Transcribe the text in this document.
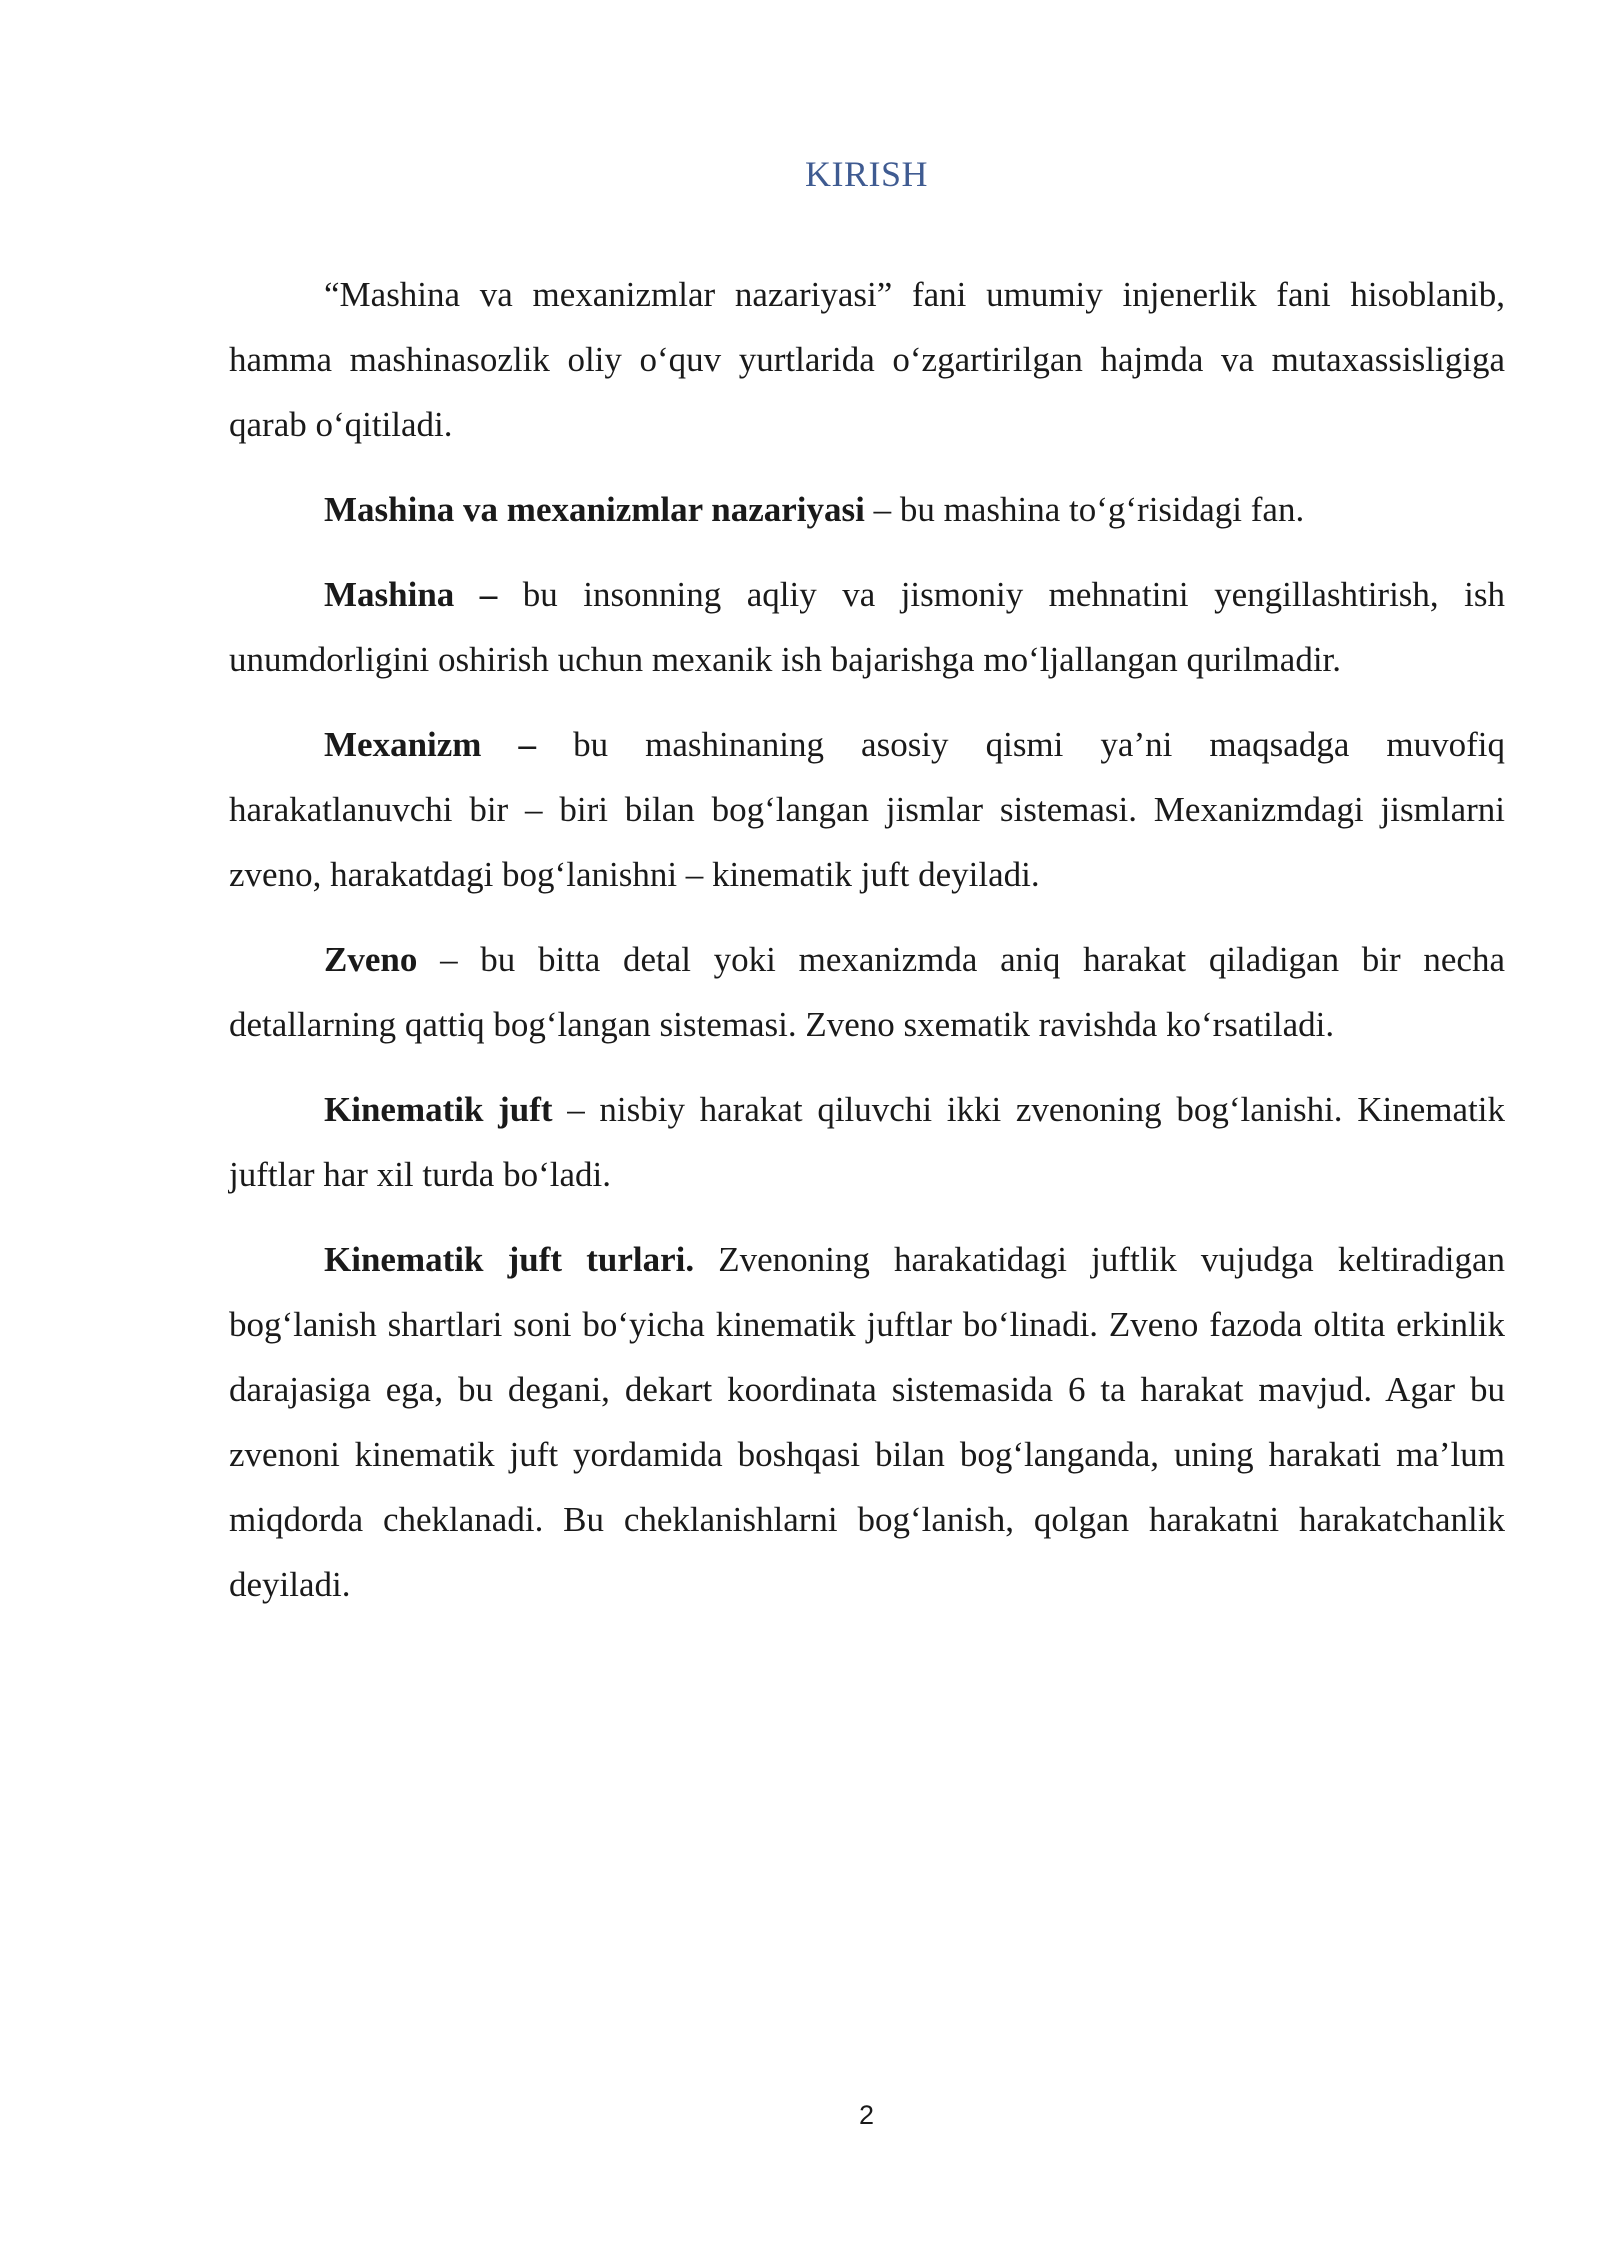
KIRISH

“Mashina va mexanizmlar nazariyasi” fani umumiy injenerlik fani hisoblanib, hamma mashinasozlik oliy o‘quv yurtlarida o‘zgartirilgan hajmda va mutaxassisligiga qarab o‘qitiladi.

Mashina va mexanizmlar nazariyasi – bu mashina to‘g‘risidagi fan.

Mashina – bu insonning aqliy va jismoniy mehnatini yengillashtirish, ish unumdorligini oshirish uchun mexanik ish bajarishga mo‘ljallangan qurilmadir.

Mexanizm – bu mashinaning asosiy qismi ya’ni maqsadga muvofiq harakatlanuvchi bir – biri bilan bog‘langan jismlar sistemasi. Mexanizmdagi jismlarni zveno, harakatdagi bog‘lanishni – kinematik juft deyiladi.

Zveno – bu bitta detal yoki mexanizmda aniq harakat qiladigan bir necha detallarning qattiq bog‘langan sistemasi. Zveno sxematik ravishda ko‘rsatiladi.

Kinematik juft – nisbiy harakat qiluvchi ikki zvenoning bog‘lanishi. Kinematik juftlar har xil turda bo‘ladi.

Kinematik juft turlari. Zvenoning harakatidagi juftlik vujudga keltiradigan bog‘lanish shartlari soni bo‘yicha kinematik juftlar bo‘linadi. Zveno fazoda oltita erkinlik darajasiga ega, bu degani, dekart koordinata sistemasida 6 ta harakat mavjud. Agar bu zvenoni kinematik juft yordamida boshqasi bilan bog‘langanda, uning harakati ma’lum miqdorda cheklanadi. Bu cheklanishlarni bog‘lanish, qolgan harakatni harakatchanlik deyiladi.

2
